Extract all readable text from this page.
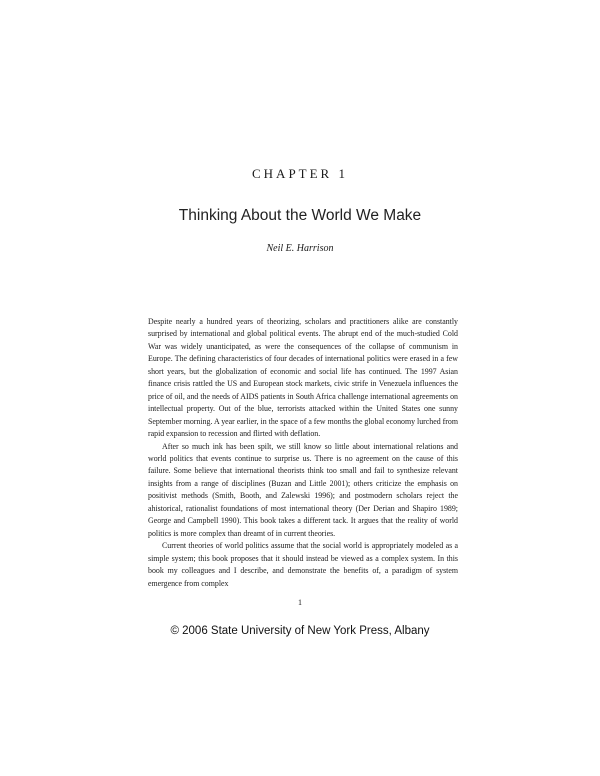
CHAPTER 1
Thinking About the World We Make
Neil E. Harrison

Despite nearly a hundred years of theorizing, scholars and practitioners alike are constantly surprised by international and global political events. The abrupt end of the much-studied Cold War was widely unanticipated, as were the consequences of the collapse of communism in Europe. The defining characteristics of four decades of international politics were erased in a few short years, but the globalization of economic and social life has continued. The 1997 Asian finance crisis rattled the US and European stock markets, civic strife in Venezuela influences the price of oil, and the needs of AIDS patients in South Africa challenge international agreements on intellectual property. Out of the blue, terrorists attacked within the United States one sunny September morning. A year earlier, in the space of a few months the global economy lurched from rapid expansion to recession and flirted with deflation.

After so much ink has been spilt, we still know so little about international relations and world politics that events continue to surprise us. There is no agreement on the cause of this failure. Some believe that international theorists think too small and fail to synthesize relevant insights from a range of disciplines (Buzan and Little 2001); others criticize the emphasis on positivist methods (Smith, Booth, and Zalewski 1996); and postmodern scholars reject the ahistorical, rationalist foundations of most international theory (Der Derian and Shapiro 1989; George and Campbell 1990). This book takes a different tack. It argues that the reality of world politics is more complex than dreamt of in current theories.

Current theories of world politics assume that the social world is appropriately modeled as a simple system; this book proposes that it should instead be viewed as a complex system. In this book my colleagues and I describe, and demonstrate the benefits of, a paradigm of system emergence from complex

1
© 2006 State University of New York Press, Albany
